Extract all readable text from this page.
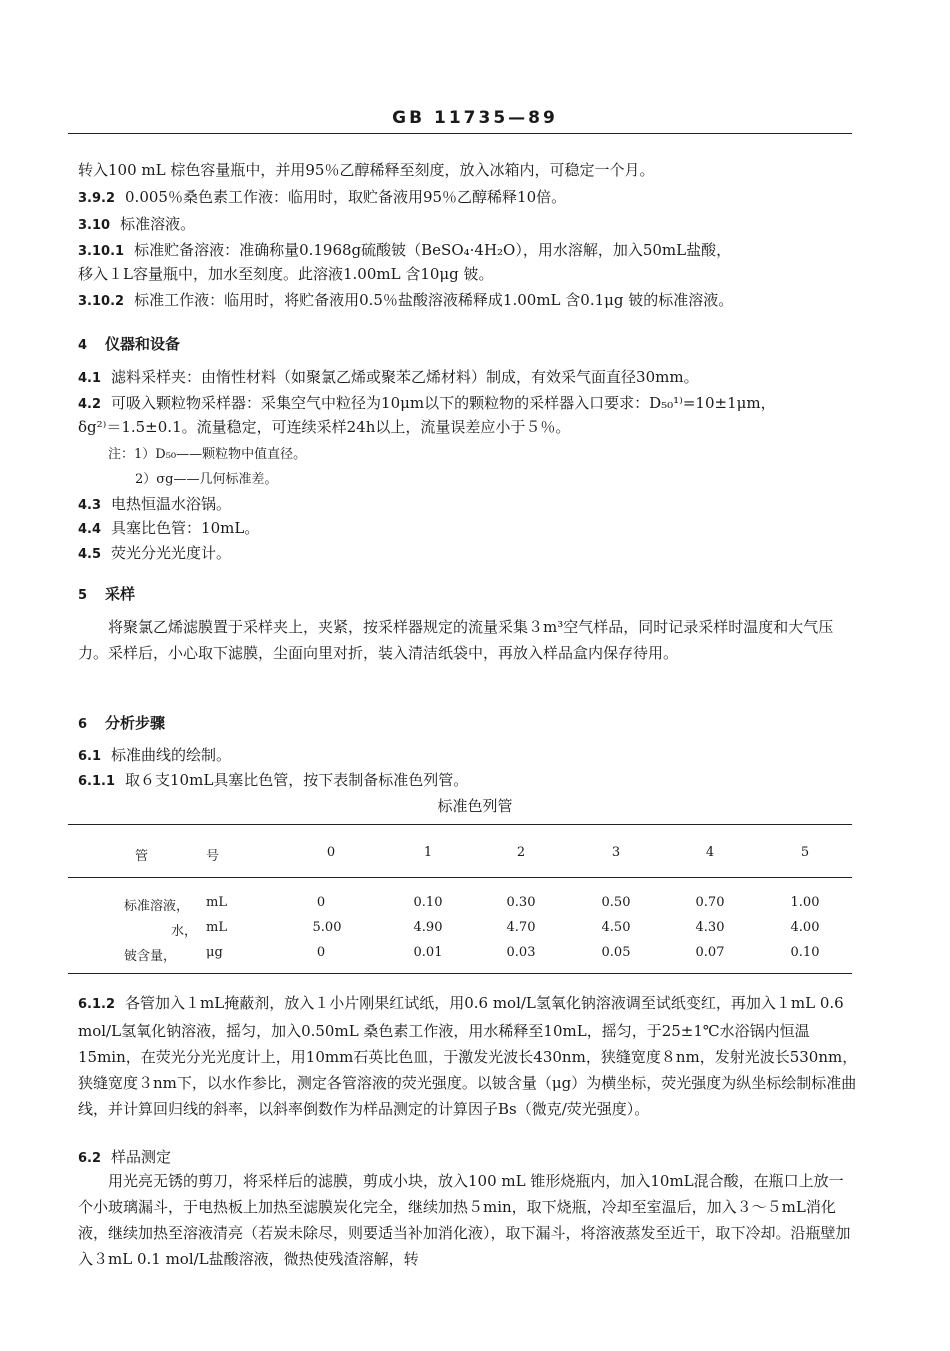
GB 11735—89
转入100 mL 棕色容量瓶中，并用95％乙醇稀释至刻度，放入冰箱内，可稳定一个月。
3.9.2 0.005％桑色素工作液：临用时，取贮备液用95％乙醇稀释10倍。
3.10 标准溶液。
3.10.1 标准贮备溶液：准确称量0.1968g硫酸铍（BeSO₄·4H₂O），用水溶解，加入50mL盐酸，
移入１L容量瓶中，加水至刻度。此溶液1.00mL 含10μg 铍。
3.10.2 标准工作液：临用时，将贮备液用0.5％盐酸溶液稀释成1.00mL 含0.1μg 铍的标准溶液。
4 仪器和设备
4.1 滤料采样夹：由惰性材料（如聚氯乙烯或聚苯乙烯材料）制成，有效采气面直径30mm。
4.2 可吸入颗粒物采样器：采集空气中粒径为10μm以下的颗粒物的采样器入口要求：D₅₀¹⁾=10±1μm，
δg²⁾＝1.5±0.1。流量稳定，可连续采样24h以上，流量误差应小于５％。
注：1）D₅₀——颗粒物中值直径。
2）σg——几何标准差。
4.3 电热恒温水浴锅。
4.4 具塞比色管：10mL。
4.5 荧光分光光度计。
5 采样
将聚氯乙烯滤膜置于采样夹上，夹紧，按采样器规定的流量采集３m³空气样品，同时记录采样时温度和大气压力。采样后，小心取下滤膜，尘面向里对折，装入清洁纸袋中，再放入样品盒内保存待用。
6 分析步骤
6.1 标准曲线的绘制。
6.1.1 取６支10mL具塞比色管，按下表制备标准色列管。
标准色列管
管	号	0	1	2	3	4	5
标准溶液， mL	0	0.10	0.30	0.50	0.70	1.00
水， mL	5.00	4.90	4.70	4.50	4.30	4.00
铍含量， μg	0	0.01	0.03	0.05	0.07	0.10
6.1.2 各管加入１mL掩蔽剂，放入１小片刚果红试纸，用0.6 mol/L氢氧化钠溶液调至试纸变红，再加入１mL 0.6 mol/L氢氧化钠溶液，摇匀，加入0.50mL 桑色素工作液，用水稀释至10mL，摇匀，于25±1℃水浴锅内恒温15min，在荧光分光光度计上，用10mm石英比色皿，于激发光波长430nm，狭缝宽度８nm，发射光波长530nm，狭缝宽度３nm下，以水作参比，测定各管溶液的荧光强度。以铍含量（μg）为横坐标，荧光强度为纵坐标绘制标准曲线，并计算回归线的斜率，以斜率倒数作为样品测定的计算因子Bs（微克/荧光强度）。
6.2 样品测定
用光亮无锈的剪刀，将采样后的滤膜，剪成小块，放入100 mL 锥形烧瓶内，加入10mL混合酸，在瓶口上放一个小玻璃漏斗，于电热板上加热至滤膜炭化完全，继续加热５min，取下烧瓶，冷却至室温后，加入３～５mL消化液，继续加热至溶液清亮（若炭未除尽，则要适当补加消化液），取下漏斗，将溶液蒸发至近干，取下冷却。沿瓶壁加入３mL 0.1 mol/L盐酸溶液，微热使残渣溶解，转
